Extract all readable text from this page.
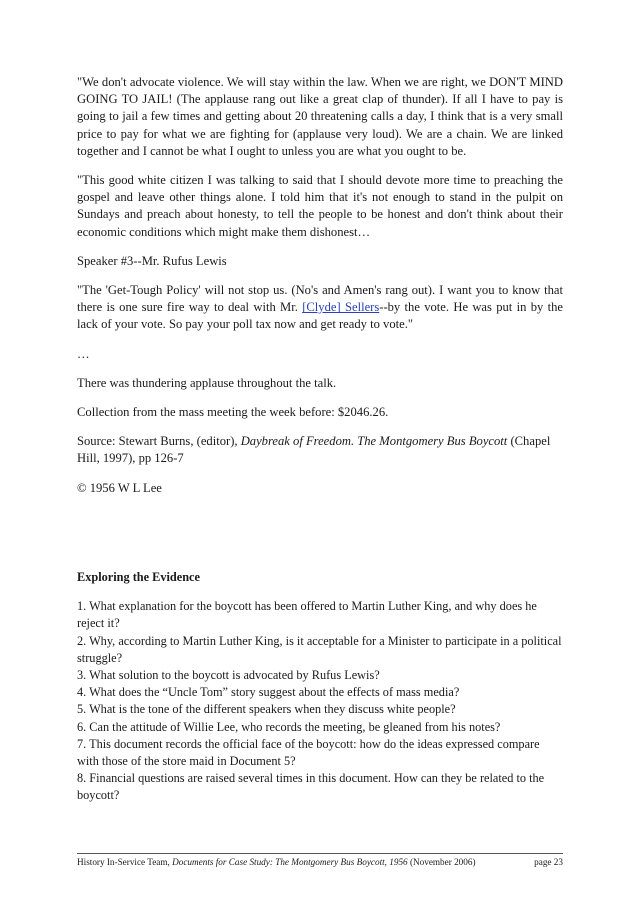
"We don't advocate violence. We will stay within the law. When we are right, we DON'T MIND GOING TO JAIL! (The applause rang out like a great clap of thunder). If all I have to pay is going to jail a few times and getting about 20 threatening calls a day, I think that is a very small price to pay for what we are fighting for (applause very loud). We are a chain. We are linked together and I cannot be what I ought to unless you are what you ought to be.

"This good white citizen I was talking to said that I should devote more time to preaching the gospel and leave other things alone. I told him that it's not enough to stand in the pulpit on Sundays and preach about honesty, to tell the people to be honest and don't think about their economic conditions which might make them dishonest…

Speaker #3--Mr. Rufus Lewis

"The 'Get-Tough Policy' will not stop us. (No's and Amen's rang out). I want you to know that there is one sure fire way to deal with Mr. [Clyde] Sellers--by the vote. He was put in by the lack of your vote. So pay your poll tax now and get ready to vote."

…

There was thundering applause throughout the talk.

Collection from the mass meeting the week before: $2046.26.

Source: Stewart Burns, (editor), Daybreak of Freedom. The Montgomery Bus Boycott (Chapel Hill, 1997), pp 126-7

© 1956 W L Lee

Exploring the Evidence

1. What explanation for the boycott has been offered to Martin Luther King, and why does he reject it?

2. Why, according to Martin Luther King, is it acceptable for a Minister to participate in a political struggle?

3. What solution to the boycott is advocated by Rufus Lewis?

4. What does the “Uncle Tom” story suggest about the effects of mass media?

5. What is the tone of the different speakers when they discuss white people?

6. Can the attitude of Willie Lee, who records the meeting, be gleaned from his notes?

7. This document records the official face of the boycott: how do the ideas expressed compare with those of the store maid in Document 5?

8. Financial questions are raised several times in this document. How can they be related to the boycott?

History In-Service Team, Documents for Case Study: The Montgomery Bus Boycott, 1956 (November 2006)	page 23
